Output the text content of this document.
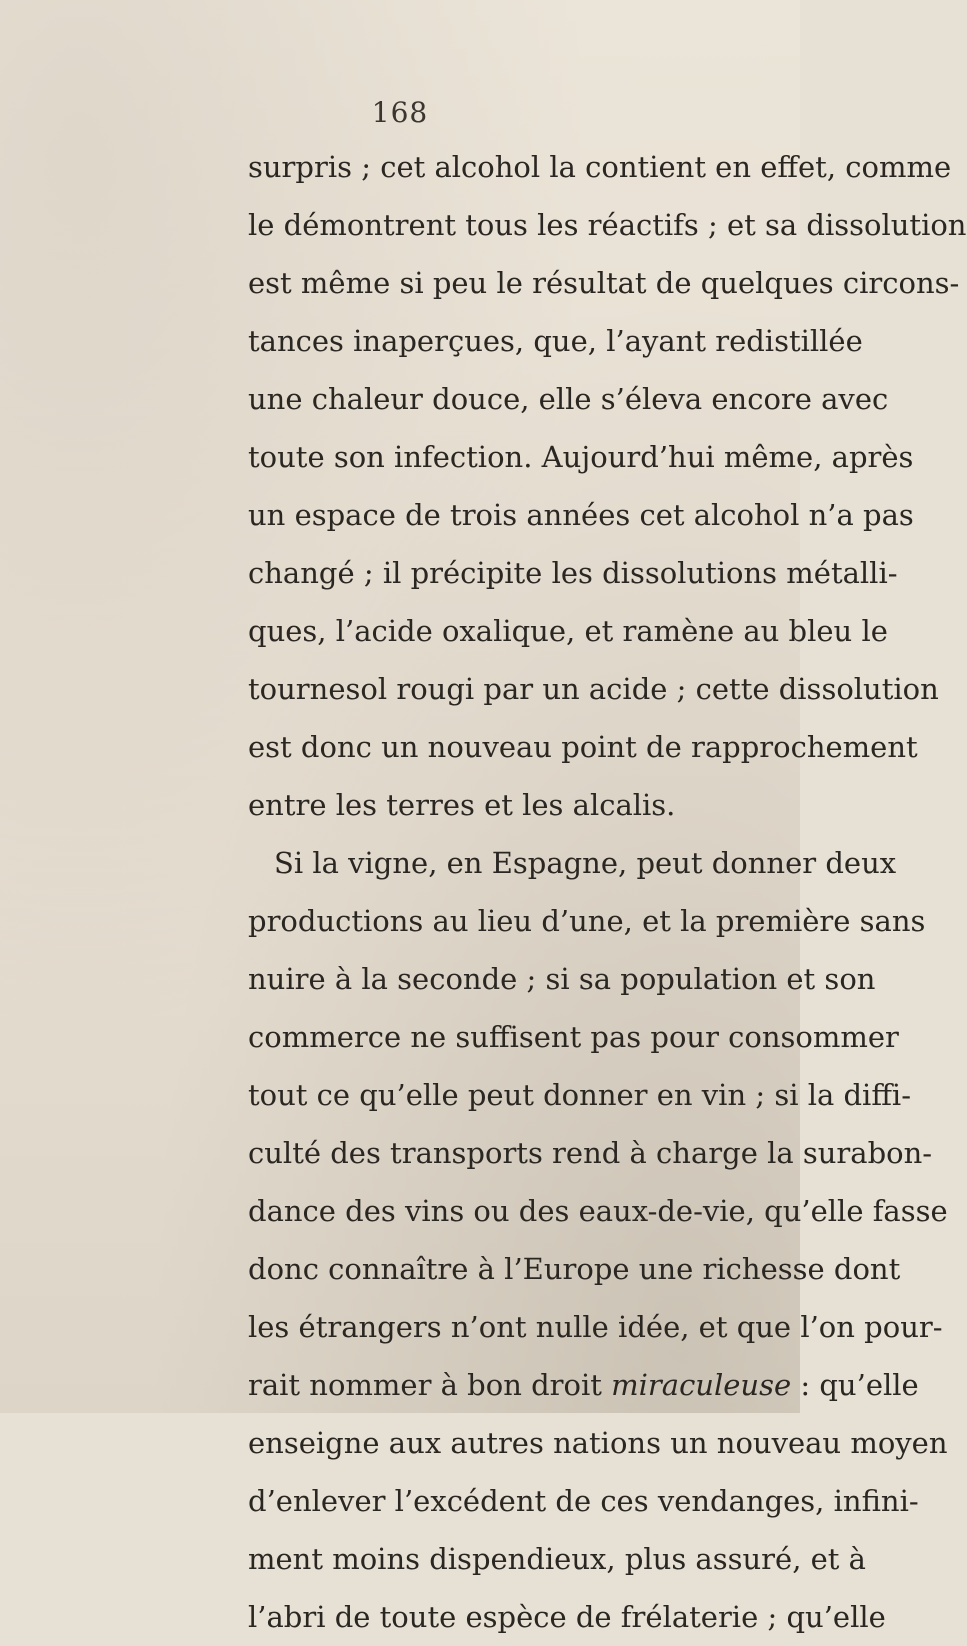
168
surpris ; cet alcohol la contient en effet, comme
le démontrent tous les réactifs ; et sa dissolution
est même si peu le résultat de quelques circons-
tances inaperçues, que, l’ayant redistillée
une chaleur douce, elle s’éleva encore avec
toute son infection. Aujourd’hui même, après
un espace de trois années cet alcohol n’a pas
changé ; il précipite les dissolutions métalli-
ques, l’acide oxalique, et ramène au bleu le
tournesol rougi par un acide ; cette dissolution
est donc un nouveau point de rapprochement
entre les terres et les alcalis.
Si la vigne, en Espagne, peut donner deux
productions au lieu d’une, et la première sans
nuire à la seconde ; si sa population et son
commerce ne suffisent pas pour consommer
tout ce qu’elle peut donner en vin ; si la diffi-
culté des transports rend à charge la surabon-
dance des vins ou des eaux-de-vie, qu’elle fasse
donc connaître à l’Europe une richesse dont
les étrangers n’ont nulle idée, et que l’on pour-
rait nommer à bon droit miraculeuse : qu’elle
enseigne aux autres nations un nouveau moyen
d’enlever l’excédent de ces vendanges, infini-
ment moins dispendieux, plus assuré, et à
l’abri de toute espèce de frélaterie ; qu’elle
